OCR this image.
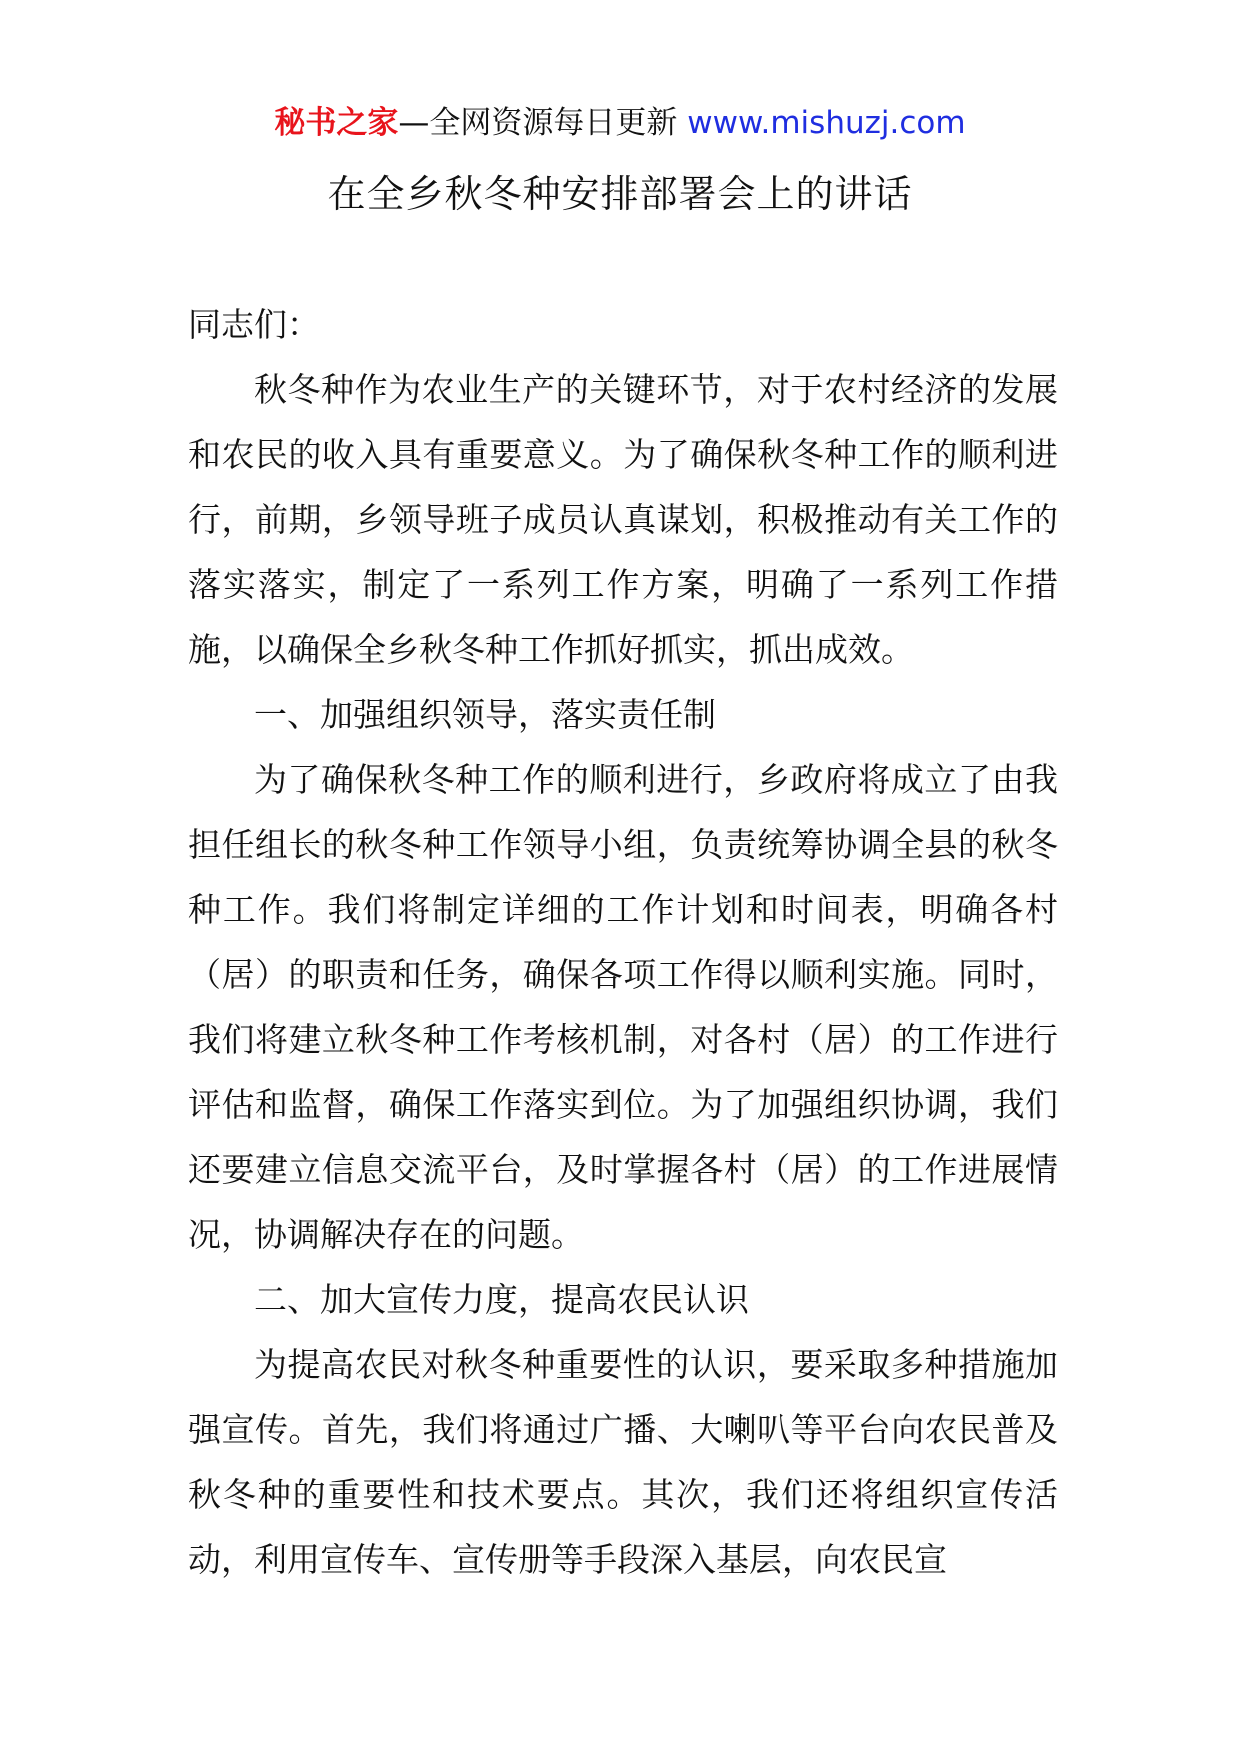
秘书之家—全网资源每日更新 www.mishuzj.com
在全乡秋冬种安排部署会上的讲话

同志们：

秋冬种作为农业生产的关键环节，对于农村经济的发展和农民的收入具有重要意义。为了确保秋冬种工作的顺利进行，前期，乡领导班子成员认真谋划，积极推动有关工作的落实落实，制定了一系列工作方案，明确了一系列工作措施，以确保全乡秋冬种工作抓好抓实，抓出成效。

一、加强组织领导，落实责任制

为了确保秋冬种工作的顺利进行，乡政府将成立了由我担任组长的秋冬种工作领导小组，负责统筹协调全县的秋冬种工作。我们将制定详细的工作计划和时间表，明确各村（居）的职责和任务，确保各项工作得以顺利实施。同时，我们将建立秋冬种工作考核机制，对各村（居）的工作进行评估和监督，确保工作落实到位。为了加强组织协调，我们还要建立信息交流平台，及时掌握各村（居）的工作进展情况，协调解决存在的问题。

二、加大宣传力度，提高农民认识

为提高农民对秋冬种重要性的认识，要采取多种措施加强宣传。首先，我们将通过广播、大喇叭等平台向农民普及秋冬种的重要性和技术要点。其次，我们还将组织宣传活动，利用宣传车、宣传册等手段深入基层，向农民宣
